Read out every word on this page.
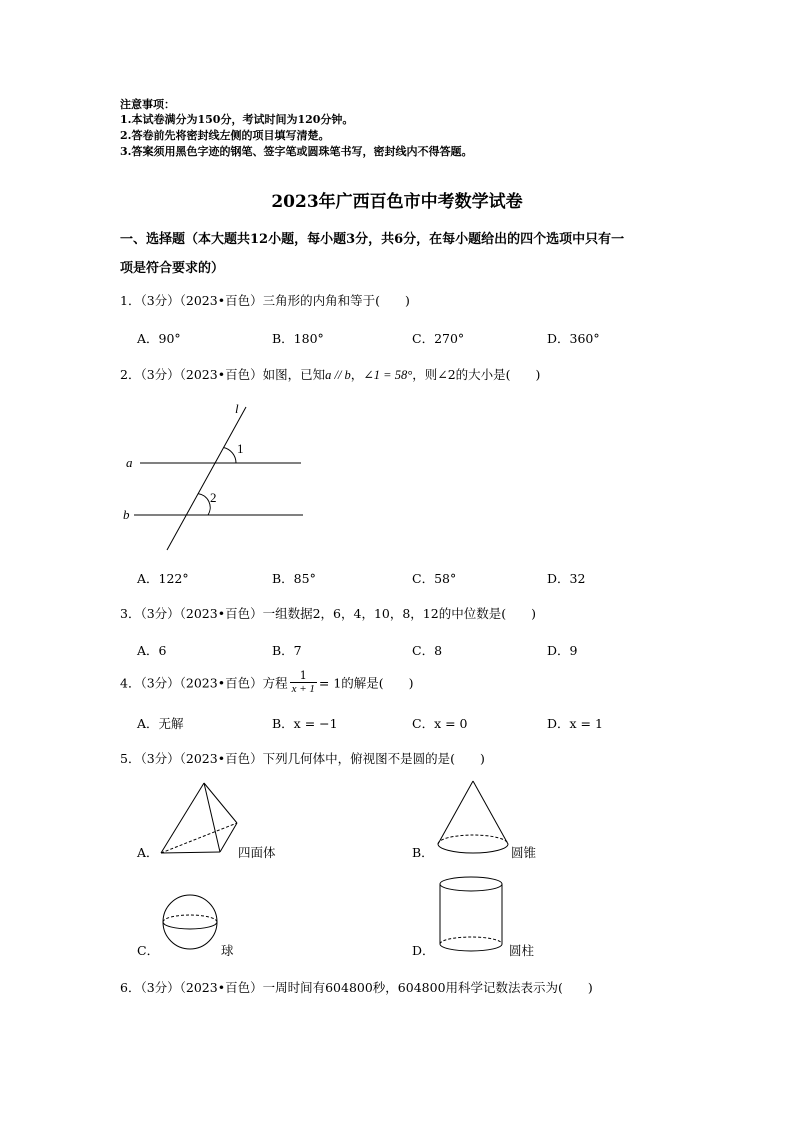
注意事项：
1.本试卷满分为150分，考试时间为120分钟。
2.答卷前先将密封线左侧的项目填写清楚。
3.答案须用黑色字迹的钢笔、签字笔或圆珠笔书写，密封线内不得答题。
2023年广西百色市中考数学试卷
一、选择题（本大题共12小题，每小题3分，共6分，在每小题给出的四个选项中只有一
项是符合要求的）
1．（3分）（2023•百色）三角形的内角和等于(　　)
A．90°	B．180°	C．270°	D．360°
2．（3分）（2023•百色）如图，已知a // b，∠1 = 58°，则∠2的大小是(　　)
l
a
b
1
2
A．122°	B．85°	C．58°	D．32
3．（3分）（2023•百色）一组数据2，6，4，10，8，12的中位数是(　　)
A．6	B．7	C．8	D．9
4．（3分）（2023•百色）方程 $\frac{1}{x + 1} = 1$的解是(　　)
A．无解	B．x = −1	C．x = 0	D．x = 1
5．（3分）（2023•百色）下列几何体中，俯视图不是圆的是(　　)
A．	四面体	B．	圆锥
C．	球	D．	圆柱
6．（3分）（2023•百色）一周时间有604800秒，604800用科学记数法表示为(　　)
